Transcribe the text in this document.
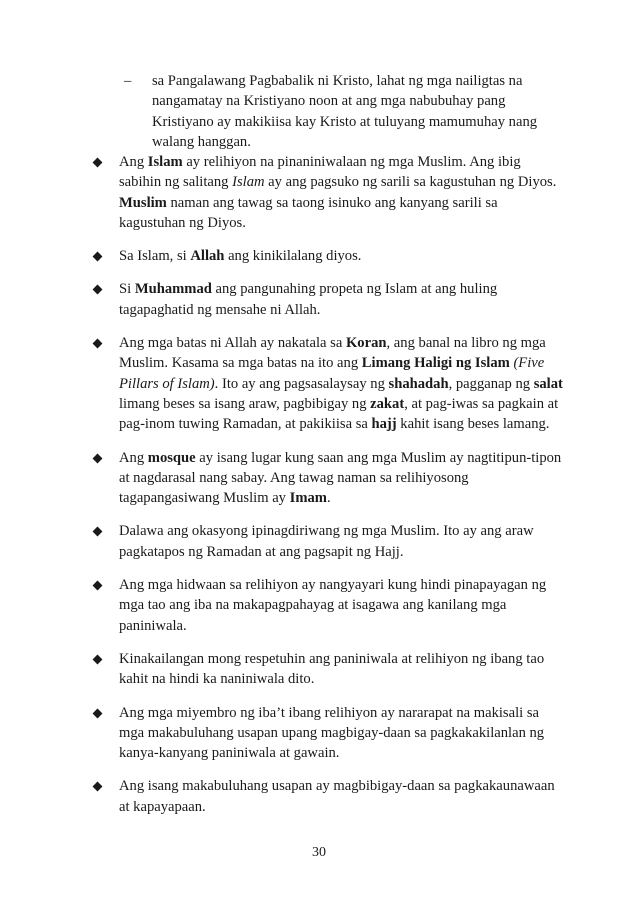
– sa Pangalawang Pagbabalik ni Kristo, lahat ng mga nailigtas na nangamatay na Kristiyano noon at ang mga nabubuhay pang Kristiyano ay makikiisa kay Kristo at tuluyang mamumuhay nang walang hanggan.
Ang Islam ay relihiyon na pinaniniwalaan ng mga Muslim. Ang ibig sabihin ng salitang Islam ay ang pagsuko ng sarili sa kagustuhan ng Diyos. Muslim naman ang tawag sa taong isinuko ang kanyang sarili sa kagustuhan ng Diyos.
Sa Islam, si Allah ang kinikilalang diyos.
Si Muhammad ang pangunahing propeta ng Islam at ang huling tagapaghatid ng mensahe ni Allah.
Ang mga batas ni Allah ay nakatala sa Koran, ang banal na libro ng mga Muslim. Kasama sa mga batas na ito ang Limang Haligi ng Islam (Five Pillars of Islam). Ito ay ang pagsasalaysay ng shahadah, pagganap ng salat limang beses sa isang araw, pagbibigay ng zakat, at pag-iwas sa pagkain at pag-inom tuwing Ramadan, at pakikiisa sa hajj kahit isang beses lamang.
Ang mosque ay isang lugar kung saan ang mga Muslim ay nagtitipun-tipon at nagdarasal nang sabay. Ang tawag naman sa relihiyosong tagapangasiwang Muslim ay Imam.
Dalawa ang okasyong ipinagdiriwang ng mga Muslim. Ito ay ang araw pagkatapos ng Ramadan at ang pagsapit ng Hajj.
Ang mga hidwaan sa relihiyon ay nangyayari kung hindi pinapayagan ng mga tao ang iba na makapagpahayag at isagawa ang kanilang mga paniniwala.
Kinakailangan mong respetuhin ang paniniwala at relihiyon ng ibang tao kahit na hindi ka naniniwala dito.
Ang mga miyembro ng iba’t ibang relihiyon ay nararapat na makisali sa mga makabuluhang usapan upang magbigay-daan sa pagkakakilanlan ng kanya-kanyang paniniwala at gawain.
Ang isang makabuluhang usapan ay magbibigay-daan sa pagkakaunawaan at kapayapaan.
30
